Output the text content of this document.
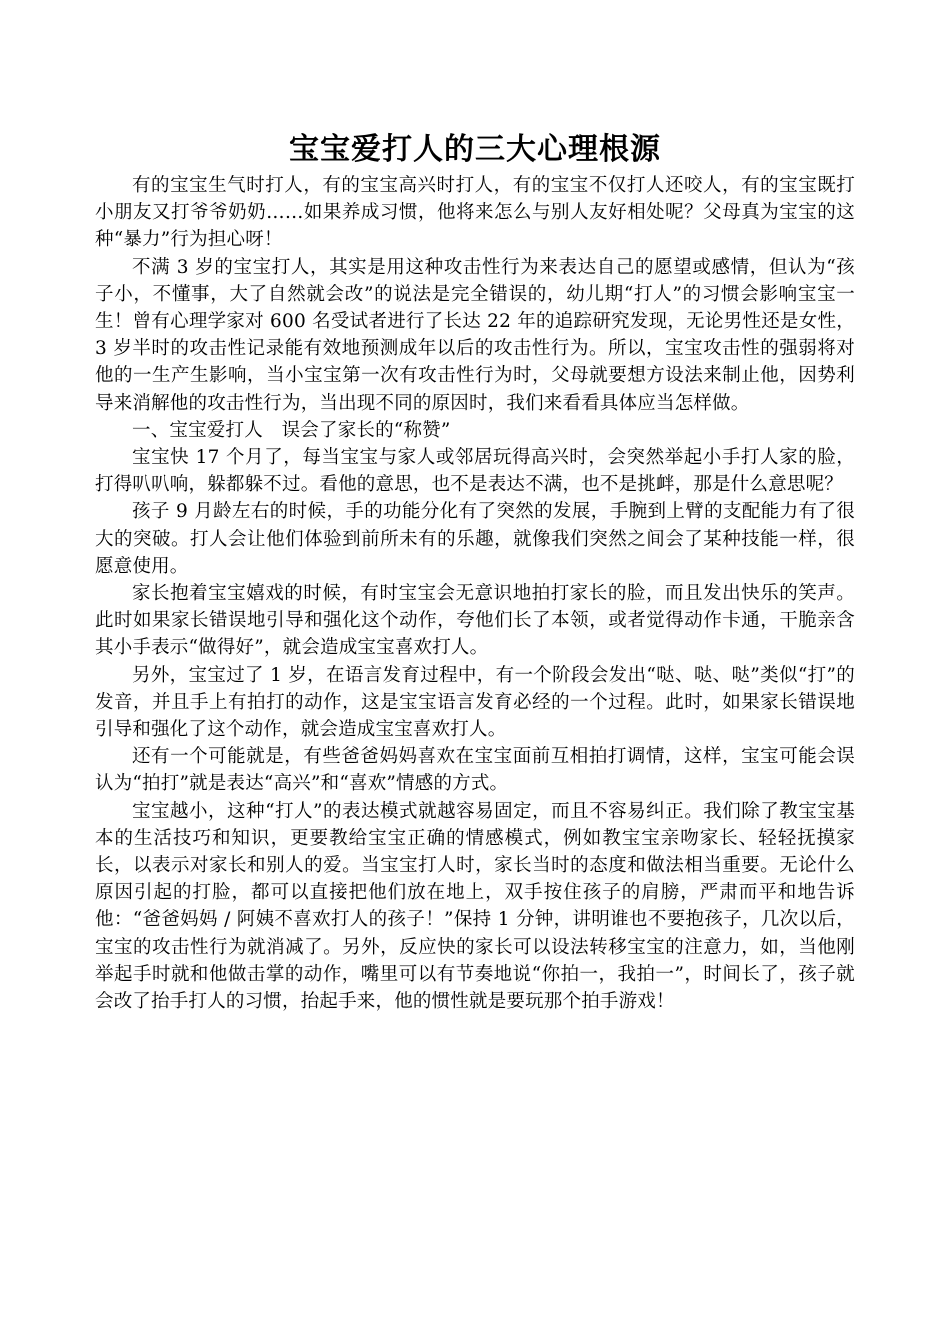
宝宝爱打人的三大心理根源

有的宝宝生气时打人，有的宝宝高兴时打人，有的宝宝不仅打人还咬人，有的宝宝既打小朋友又打爷爷奶奶……如果养成习惯，他将来怎么与别人友好相处呢？父母真为宝宝的这种“暴力”行为担心呀！

不满 3 岁的宝宝打人，其实是用这种攻击性行为来表达自己的愿望或感情，但认为“孩子小，不懂事，大了自然就会改”的说法是完全错误的，幼儿期“打人”的习惯会影响宝宝一生！曾有心理学家对 600 名受试者进行了长达 22 年的追踪研究发现，无论男性还是女性，3 岁半时的攻击性记录能有效地预测成年以后的攻击性行为。所以，宝宝攻击性的强弱将对他的一生产生影响，当小宝宝第一次有攻击性行为时，父母就要想方设法来制止他，因势利导来消解他的攻击性行为，当出现不同的原因时，我们来看看具体应当怎样做。

一、宝宝爱打人　误会了家长的“称赞”

宝宝快 17 个月了，每当宝宝与家人或邻居玩得高兴时，会突然举起小手打人家的脸，打得叭叭响，躲都躲不过。看他的意思，也不是表达不满，也不是挑衅，那是什么意思呢？

孩子 9 月龄左右的时候，手的功能分化有了突然的发展，手腕到上臂的支配能力有了很大的突破。打人会让他们体验到前所未有的乐趣，就像我们突然之间会了某种技能一样，很愿意使用。

家长抱着宝宝嬉戏的时候，有时宝宝会无意识地拍打家长的脸，而且发出快乐的笑声。此时如果家长错误地引导和强化这个动作，夸他们长了本领，或者觉得动作卡通，干脆亲含其小手表示“做得好”，就会造成宝宝喜欢打人。

另外，宝宝过了 1 岁，在语言发育过程中，有一个阶段会发出“哒、哒、哒”类似“打”的发音，并且手上有拍打的动作，这是宝宝语言发育必经的一个过程。此时，如果家长错误地引导和强化了这个动作，就会造成宝宝喜欢打人。

还有一个可能就是，有些爸爸妈妈喜欢在宝宝面前互相拍打调情，这样，宝宝可能会误认为“拍打”就是表达“高兴”和“喜欢”情感的方式。

宝宝越小，这种“打人”的表达模式就越容易固定，而且不容易纠正。我们除了教宝宝基本的生活技巧和知识，更要教给宝宝正确的情感模式，例如教宝宝亲吻家长、轻轻抚摸家长，以表示对家长和别人的爱。当宝宝打人时，家长当时的态度和做法相当重要。无论什么原因引起的打脸，都可以直接把他们放在地上，双手按住孩子的肩膀，严肃而平和地告诉他：“爸爸妈妈 / 阿姨不喜欢打人的孩子！”保持 1 分钟，讲明谁也不要抱孩子，几次以后，宝宝的攻击性行为就消减了。另外，反应快的家长可以设法转移宝宝的注意力，如，当他刚举起手时就和他做击掌的动作，嘴里可以有节奏地说“你拍一，我拍一”，时间长了，孩子就会改了抬手打人的习惯，抬起手来，他的惯性就是要玩那个拍手游戏！
